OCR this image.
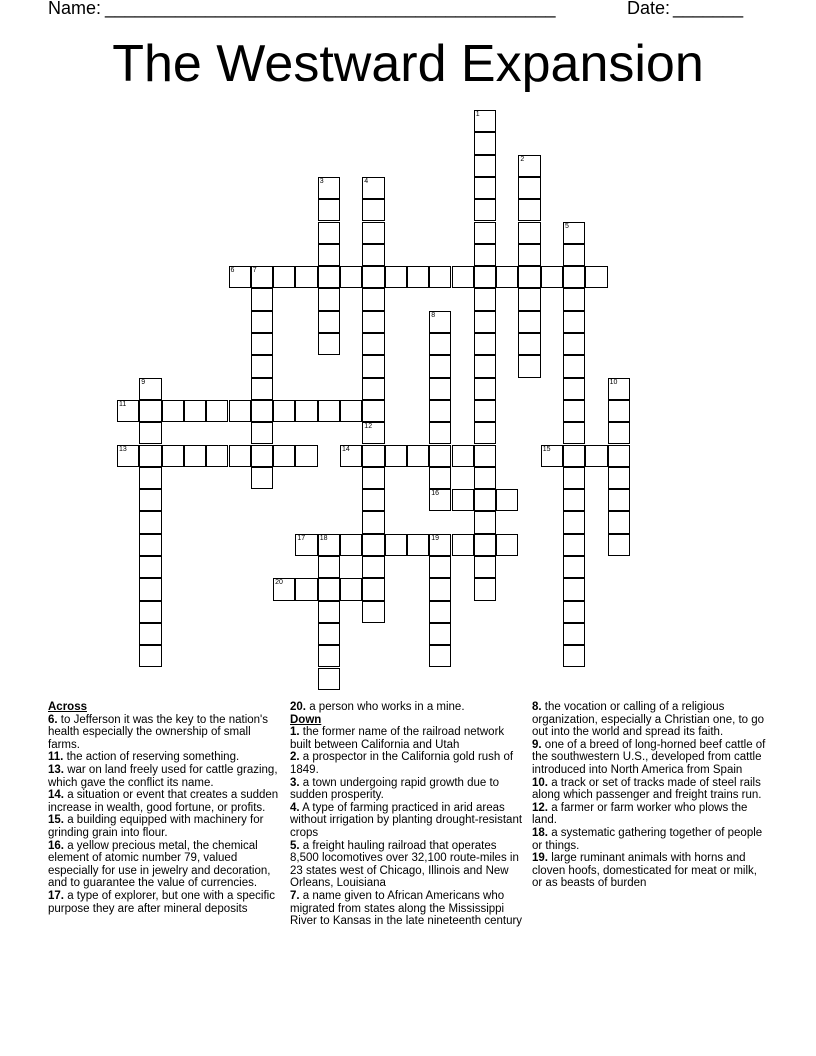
Name: _____________________________________________	Date: _______
The Westward Expansion
1
2
3	4
5
6	7
8
9	10
11
12
13	14	15
16
17 18	19
20

Across

6. to Jefferson it was the key to the nation's health especially the ownership of small farms.

11. the action of reserving something.

13. war on land freely used for cattle grazing, which gave the conflict its name.

14. a situation or event that creates a sudden increase in wealth, good fortune, or profits.

15. a building equipped with machinery for grinding grain into flour.

16. a yellow precious metal, the chemical element of atomic number 79, valued especially for use in jewelry and decoration, and to guarantee the value of currencies.

17. a type of explorer, but one with a specific purpose they are after mineral deposits

20. a person who works in a mine.

Down

1. the former name of the railroad network built between California and Utah

2. a prospector in the California gold rush of 1849.

3. a town undergoing rapid growth due to sudden prosperity.

4. A type of farming practiced in arid areas without irrigation by planting drought-resistant crops

5. a freight hauling railroad that operates 8,500 locomotives over 32,100 route-miles in 23 states west of Chicago, Illinois and New Orleans, Louisiana

7. a name given to African Americans who migrated from states along the Mississippi River to Kansas in the late nineteenth century

8. the vocation or calling of a religious organization, especially a Christian one, to go out into the world and spread its faith.

9. one of a breed of long-horned beef cattle of the southwestern U.S., developed from cattle introduced into North America from Spain

10. a track or set of tracks made of steel rails along which passenger and freight trains run.

12. a farmer or farm worker who plows the land.

18. a systematic gathering together of people or things.

19. large ruminant animals with horns and cloven hoofs, domesticated for meat or milk, or as beasts of burden
